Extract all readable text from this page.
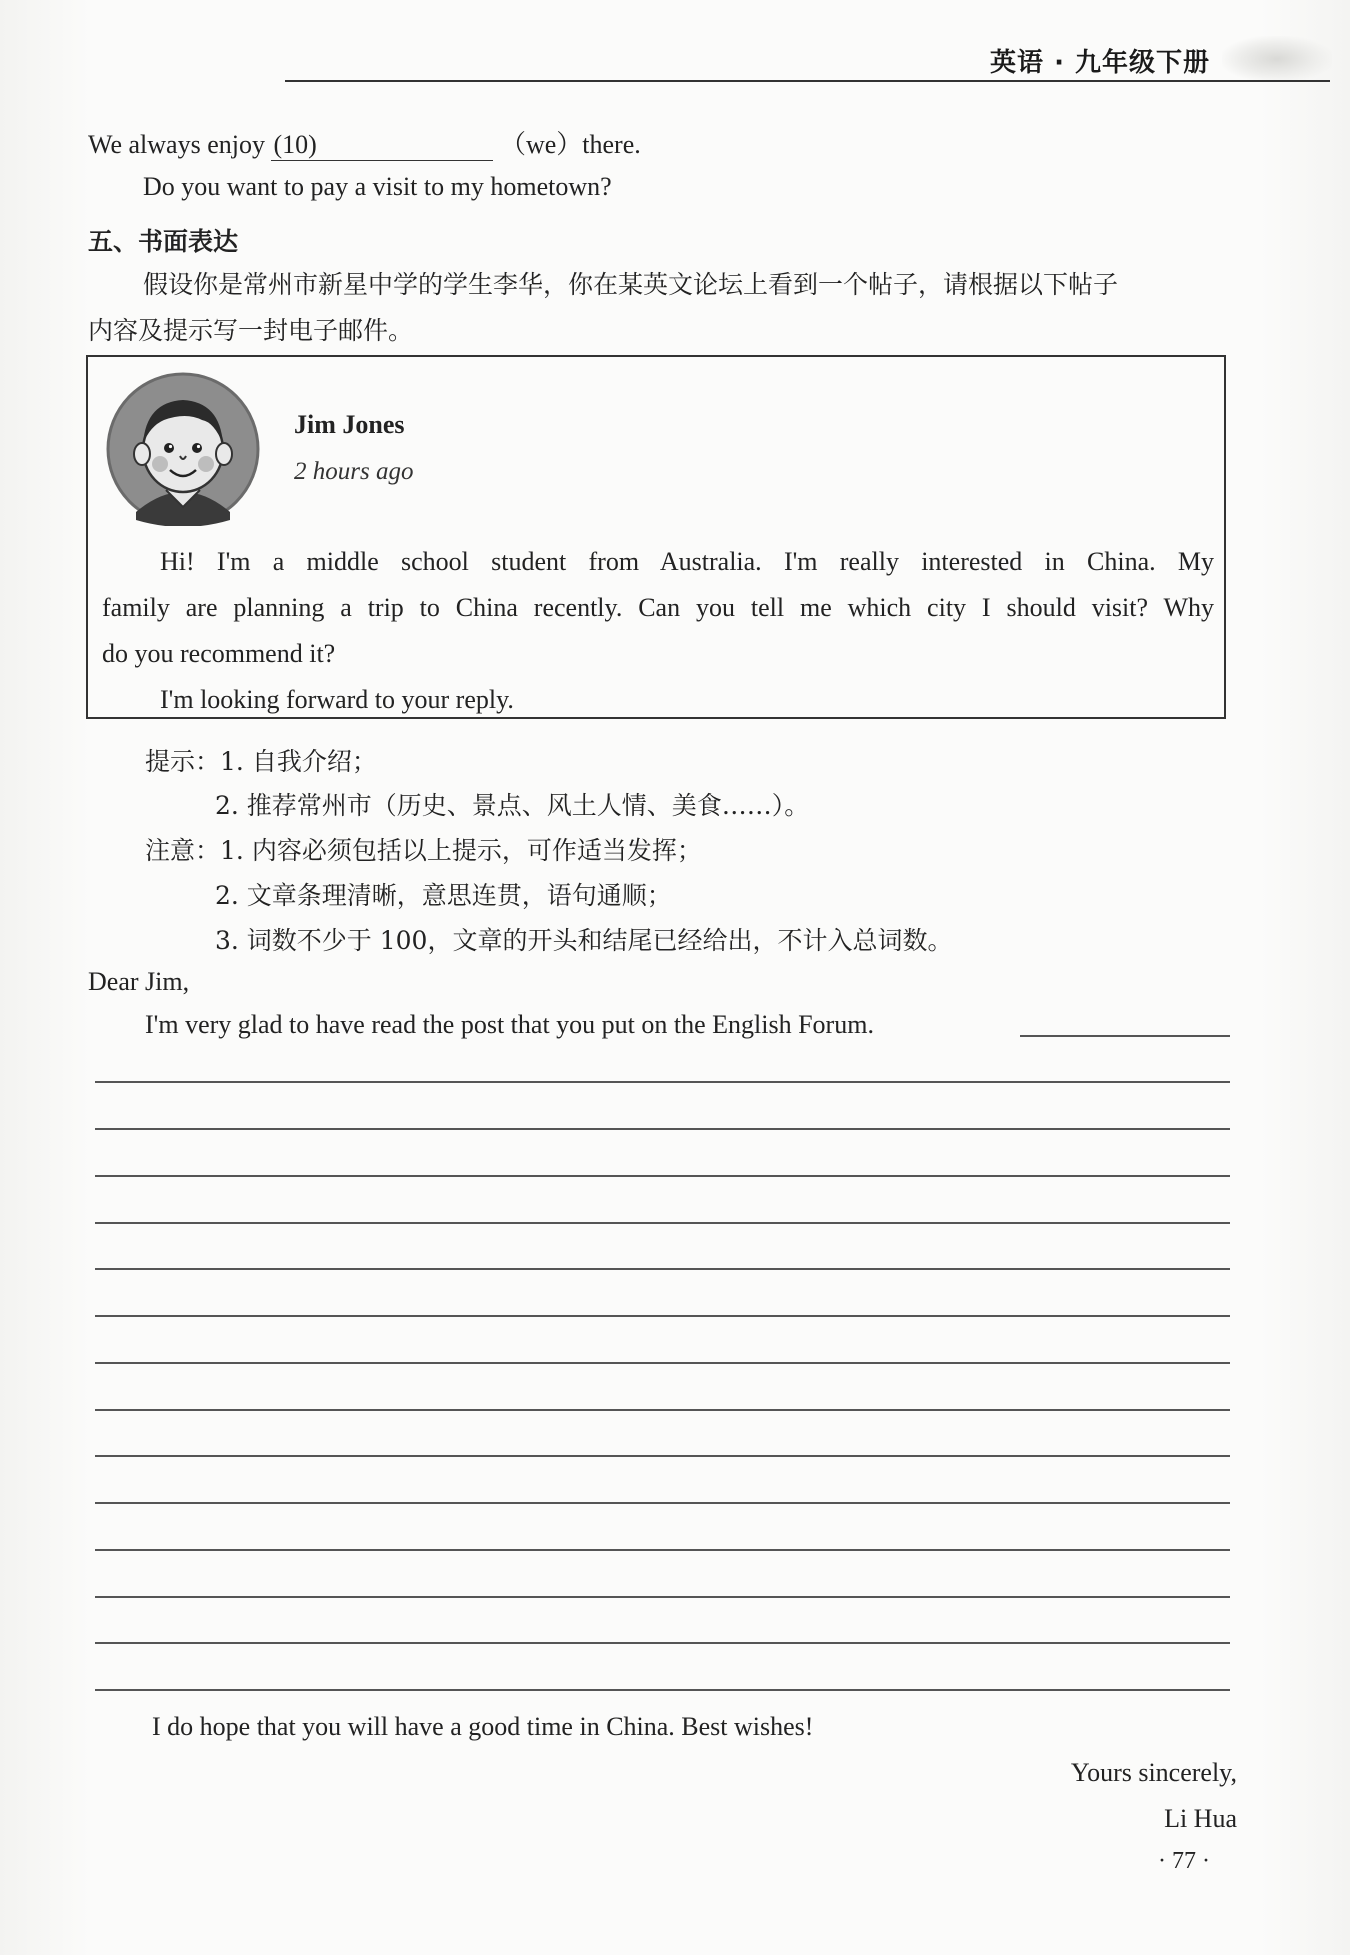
英语 · 九年级下册
We always enjoy (10)	（we）there.
Do you want to pay a visit to my hometown?
五、书面表达
假设你是常州市新星中学的学生李华，你在某英文论坛上看到一个帖子，请根据以下帖子
内容及提示写一封电子邮件。
Jim Jones
2 hours ago
Hi! I'm a middle school student from Australia. I'm really interested in China. My
family are planning a trip to China recently. Can you tell me which city I should visit? Why
do you recommend it?
I'm looking forward to your reply.
提示：1. 自我介绍；
2. 推荐常州市（历史、景点、风土人情、美食……）。
注意：1. 内容必须包括以上提示，可作适当发挥；
2. 文章条理清晰，意思连贯，语句通顺；
3. 词数不少于 100，文章的开头和结尾已经给出，不计入总词数。
Dear Jim,
I'm very glad to have read the post that you put on the English Forum.
I do hope that you will have a good time in China. Best wishes!
Yours sincerely,
Li Hua
· 77 ·
